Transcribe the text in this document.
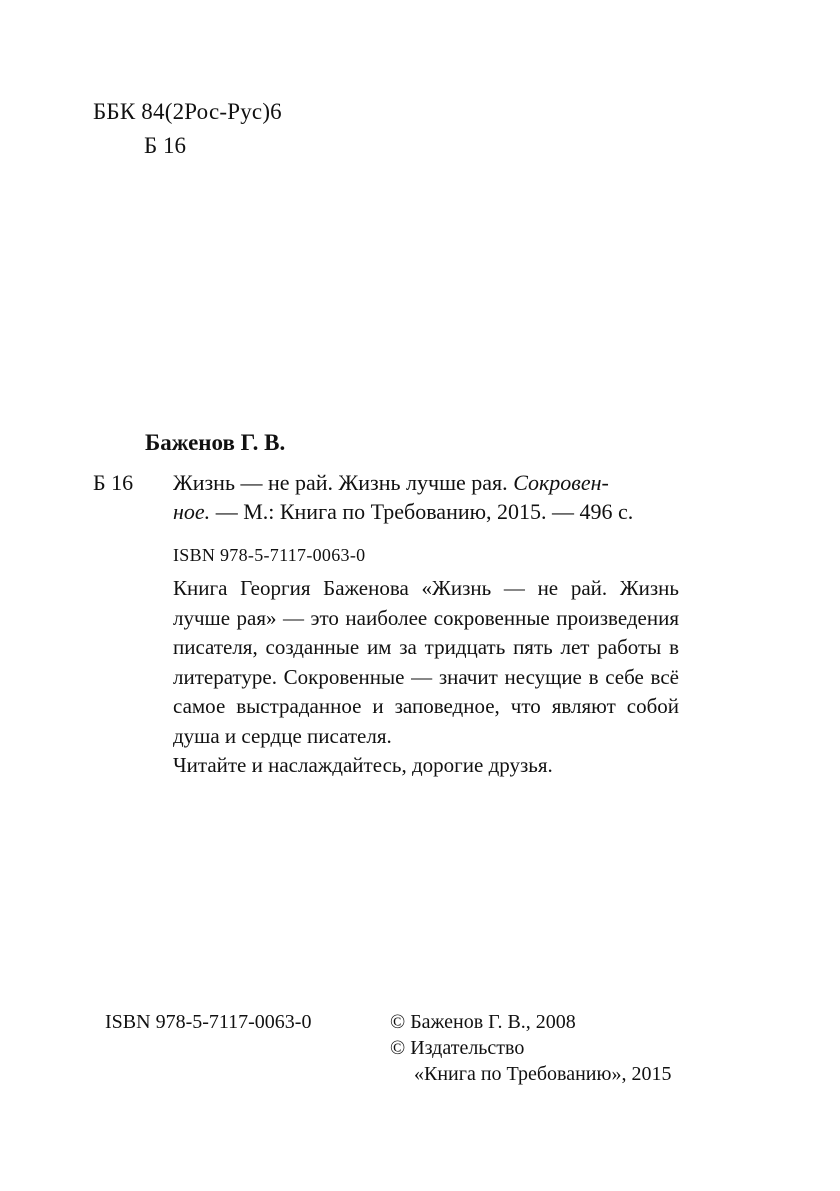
ББК 84(2Рос-Рус)6
Б 16
Баженов Г. В.
Б 16 Жизнь — не рай. Жизнь лучше рая. Сокровен-
ное. — М.: Книга по Требованию, 2015. — 496 с.
ISBN 978-5-7117-0063-0

Книга Георгия Баженова «Жизнь — не рай. Жизнь лучше рая» — это наиболее сокровенные произведения писателя, созданные им за тридцать пять лет работы в литературе. Сокровенные — значит несущие в себе всё самое выстраданное и заповедное, что являют собой душа и сердце писателя.

Читайте и наслаждайтесь, дорогие друзья.

ISBN 978-5-7117-0063-0	© Баженов Г. В., 2008
© Издательство
«Книга по Требованию», 2015
